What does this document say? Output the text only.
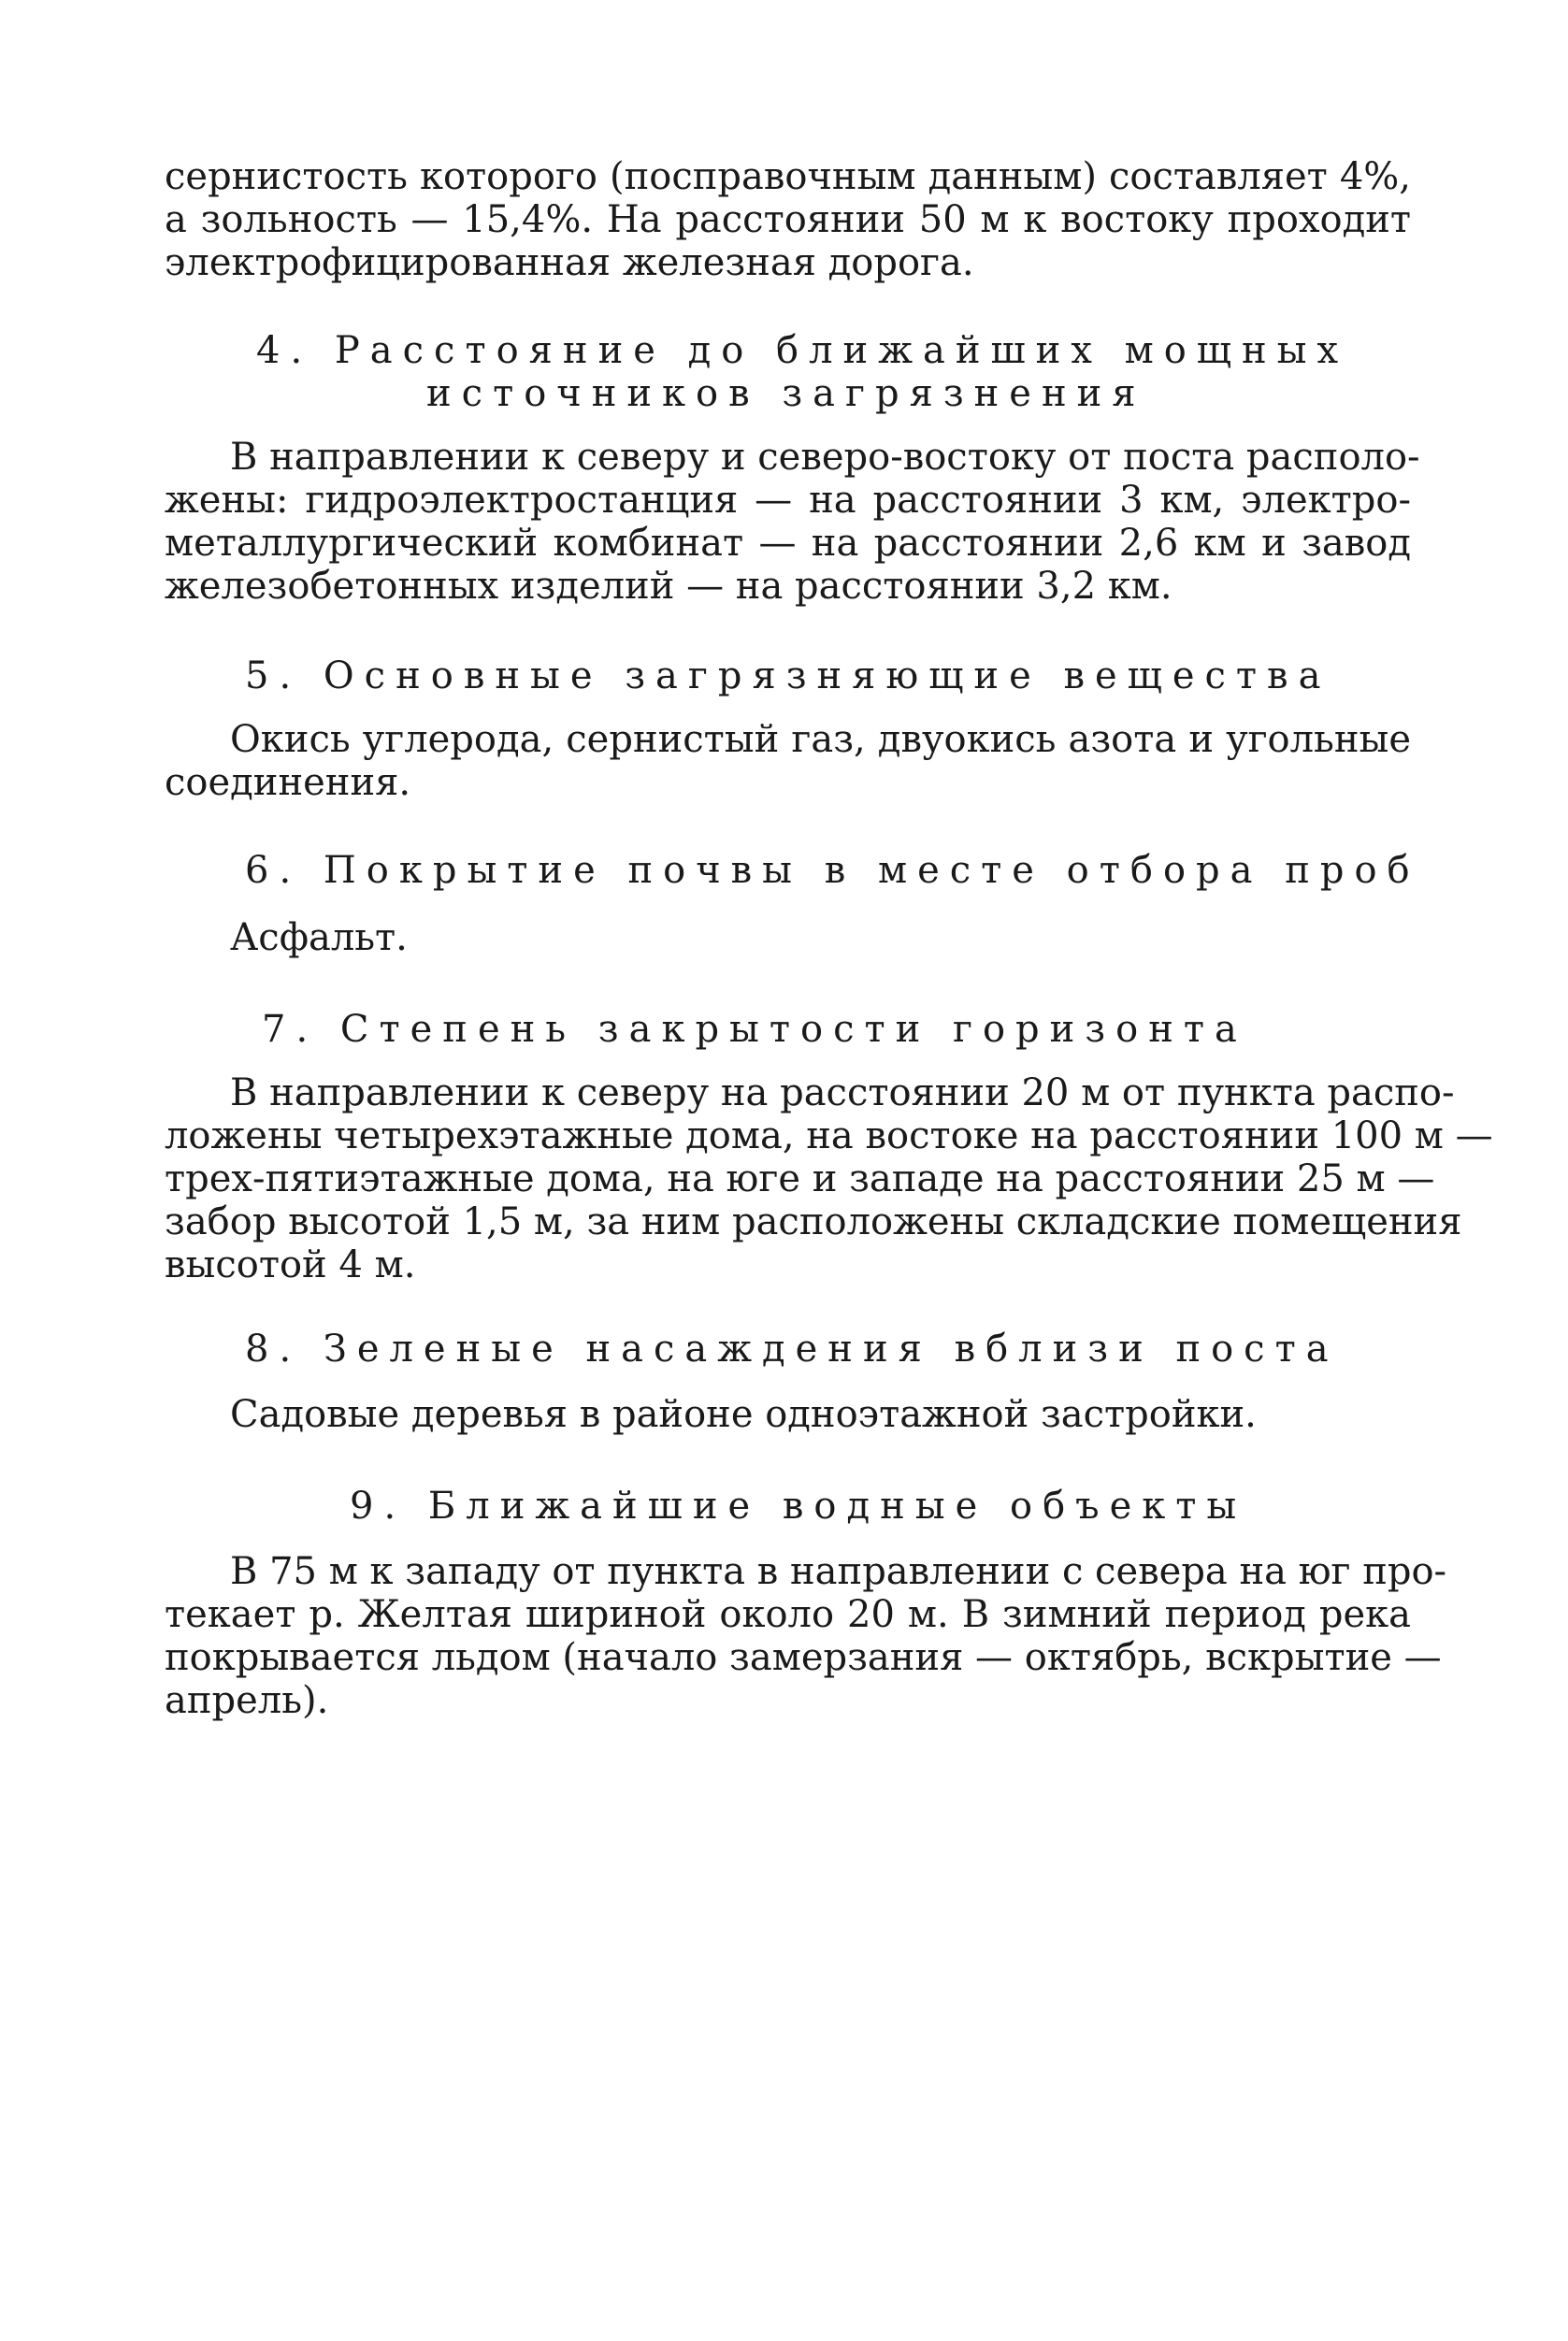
сернистость которого (посправочным данным) составляет 4%,
а зольность — 15,4%. На расстоянии 50 м к востоку проходит
электрофицированная железная дорога.
4. Расстояние до ближайших мощных
источников загрязнения
В направлении к северу и северо-востоку от поста располо-
жены: гидроэлектростанция — на расстоянии 3 км, электро-
металлургический комбинат — на расстоянии 2,6 км и завод
железобетонных изделий — на расстоянии 3,2 км.
5. Основные загрязняющие вещества
Окись углерода, сернистый газ, двуокись азота и угольные
соединения.
6. Покрытие почвы в месте отбора проб
Асфальт.
7. Степень закрытости горизонта
В направлении к северу на расстоянии 20 м от пункта распо-
ложены четырехэтажные дома, на востоке на расстоянии 100 м —
трех-пятиэтажные дома, на юге и западе на расстоянии 25 м —
забор высотой 1,5 м, за ним расположены складские помещения
высотой 4 м.
8. Зеленые насаждения вблизи поста
Садовые деревья в районе одноэтажной застройки.
9. Ближайшие водные объекты
В 75 м к западу от пункта в направлении с севера на юг про-
текает р. Желтая шириной около 20 м. В зимний период река
покрывается льдом (начало замерзания — октябрь, вскрытие —
апрель).
